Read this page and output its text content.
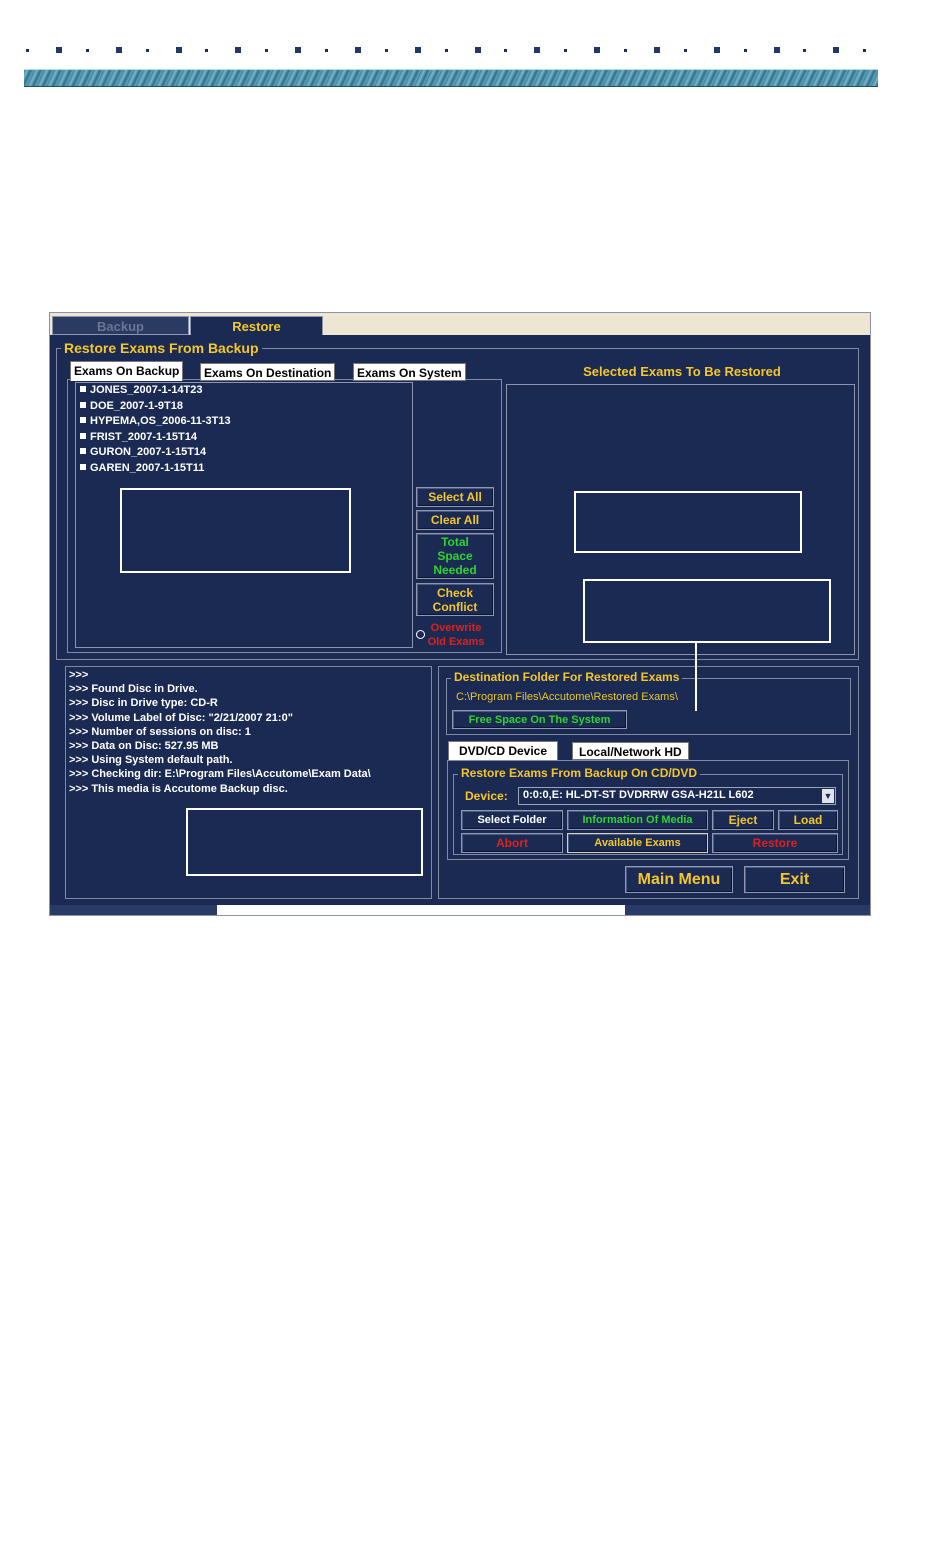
Backup	Restore
Restore Exams From Backup
Exams On Backup	Exams On Destination	Exams On System
JONES_2007-1-14T23
DOE_2007-1-9T18
HYPEMA,OS_2006-11-3T13
FRIST_2007-1-15T14
GURON_2007-1-15T14
GAREN_2007-1-15T11
Select All
Clear All
Total Space Needed
Check Conflict
Overwrite Old Exams
Selected Exams To Be Restored
>>>
>>> Found Disc in Drive.
>>> Disc in Drive type: CD-R
>>> Volume Label of Disc: "2/21/2007 21:0"
>>> Number of sessions on disc: 1
>>> Data on Disc: 527.95 MB
>>> Using System default path.
>>> Checking dir: E:\Program Files\Accutome\Exam Data\
>>> This media is Accutome Backup disc.
Destination Folder For Restored Exams
C:\Program Files\Accutome\Restored Exams\
Free Space On The System
DVD/CD Device	Local/Network HD
Restore Exams From Backup On CD/DVD
Device: 0:0:0,E: HL-DT-ST DVDRRW GSA-H21L L602	▼
Select Folder	Information Of Media	Eject	Load
Abort	Available Exams	Restore
Main Menu	Exit
